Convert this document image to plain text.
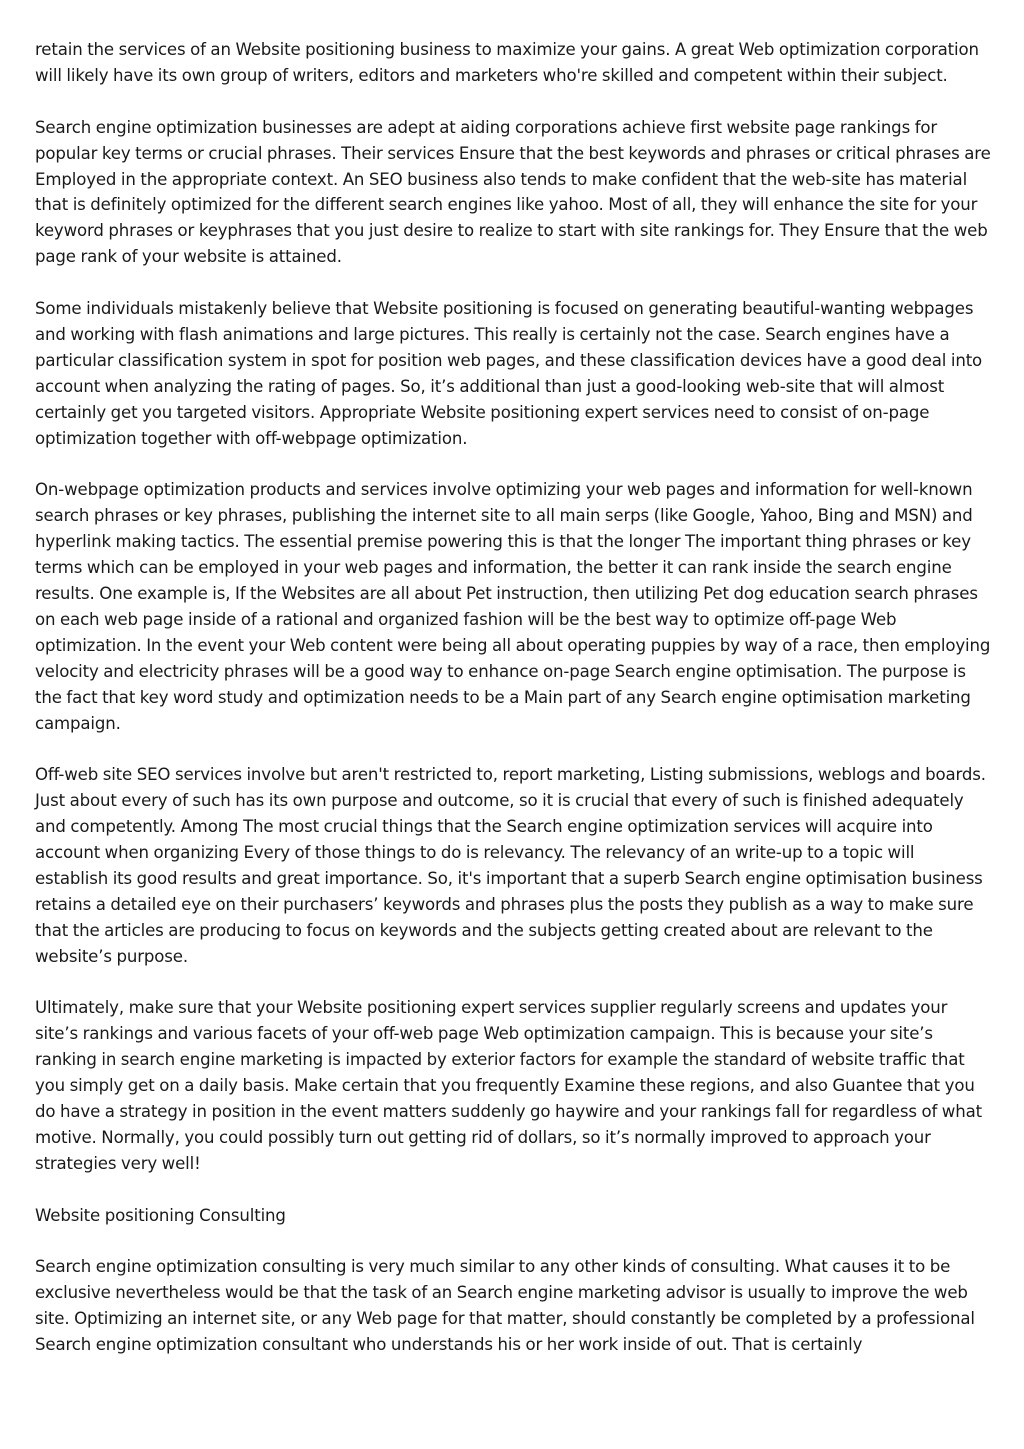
retain the services of an Website positioning business to maximize your gains. A great Web optimization corporation will likely have its own group of writers, editors and marketers who're skilled and competent within their subject.

Search engine optimization businesses are adept at aiding corporations achieve first website page rankings for popular key terms or crucial phrases. Their services Ensure that the best keywords and phrases or critical phrases are Employed in the appropriate context. An SEO business also tends to make confident that the web-site has material that is definitely optimized for the different search engines like yahoo. Most of all, they will enhance the site for your keyword phrases or keyphrases that you just desire to realize to start with site rankings for. They Ensure that the web page rank of your website is attained.

Some individuals mistakenly believe that Website positioning is focused on generating beautiful-wanting webpages and working with flash animations and large pictures. This really is certainly not the case. Search engines have a particular classification system in spot for position web pages, and these classification devices have a good deal into account when analyzing the rating of pages. So, it’s additional than just a good-looking web-site that will almost certainly get you targeted visitors. Appropriate Website positioning expert services need to consist of on-page optimization together with off-webpage optimization.

On-webpage optimization products and services involve optimizing your web pages and information for well-known search phrases or key phrases, publishing the internet site to all main serps (like Google, Yahoo, Bing and MSN) and hyperlink making tactics. The essential premise powering this is that the longer The important thing phrases or key terms which can be employed in your web pages and information, the better it can rank inside the search engine results. One example is, If the Websites are all about Pet instruction, then utilizing Pet dog education search phrases on each web page inside of a rational and organized fashion will be the best way to optimize off-page Web optimization. In the event your Web content were being all about operating puppies by way of a race, then employing velocity and electricity phrases will be a good way to enhance on-page Search engine optimisation. The purpose is the fact that key word study and optimization needs to be a Main part of any Search engine optimisation marketing campaign.

Off-web site SEO services involve but aren't restricted to, report marketing, Listing submissions, weblogs and boards. Just about every of such has its own purpose and outcome, so it is crucial that every of such is finished adequately and competently. Among The most crucial things that the Search engine optimization services will acquire into account when organizing Every of those things to do is relevancy. The relevancy of an write-up to a topic will establish its good results and great importance. So, it's important that a superb Search engine optimisation business retains a detailed eye on their purchasers’ keywords and phrases plus the posts they publish as a way to make sure that the articles are producing to focus on keywords and the subjects getting created about are relevant to the website’s purpose.

Ultimately, make sure that your Website positioning expert services supplier regularly screens and updates your site’s rankings and various facets of your off-web page Web optimization campaign. This is because your site’s ranking in search engine marketing is impacted by exterior factors for example the standard of website traffic that you simply get on a daily basis. Make certain that you frequently Examine these regions, and also Guantee that you do have a strategy in position in the event matters suddenly go haywire and your rankings fall for regardless of what motive. Normally, you could possibly turn out getting rid of dollars, so it’s normally improved to approach your strategies very well!

Website positioning Consulting

Search engine optimization consulting is very much similar to any other kinds of consulting. What causes it to be exclusive nevertheless would be that the task of an Search engine marketing advisor is usually to improve the web site. Optimizing an internet site, or any Web page for that matter, should constantly be completed by a professional Search engine optimization consultant who understands his or her work inside of out. That is certainly
